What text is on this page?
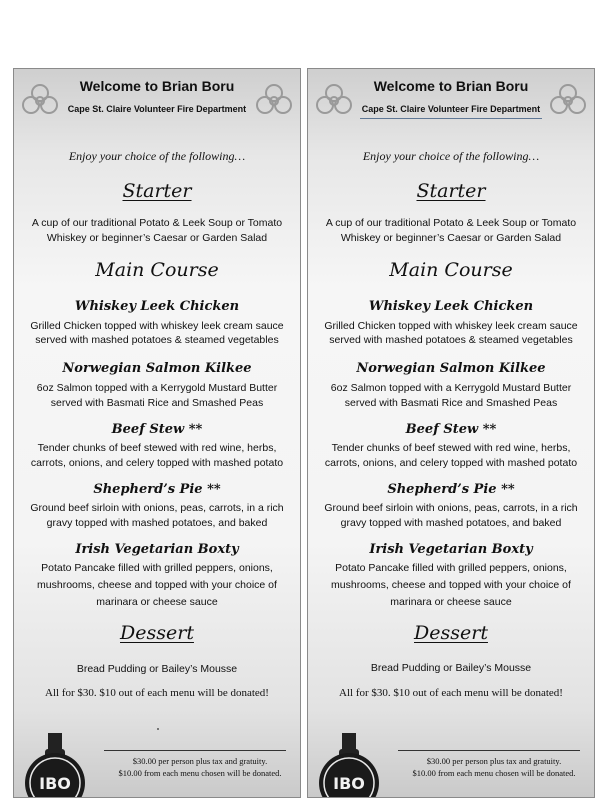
Welcome to Brian Boru
Cape St. Claire Volunteer Fire Department
Enjoy your choice of the following…
Starter
A cup of our traditional Potato & Leek Soup or Tomato
Whiskey or beginner’s Caesar or Garden Salad
Main Course
Whiskey Leek Chicken
Grilled Chicken topped with whiskey leek cream sauce
served with mashed potatoes & steamed vegetables
Norwegian Salmon Kilkee
6oz Salmon topped with a Kerrygold Mustard Butter
served with Basmati Rice and Smashed Peas
Beef Stew **
Tender chunks of beef stewed with red wine, herbs,
carrots, onions, and celery topped with mashed potato
Shepherd’s Pie **
Ground beef sirloin with onions, peas, carrots, in a rich
gravy topped with mashed potatoes, and baked
Irish Vegetarian Boxty
Potato Pancake filled with grilled peppers, onions,
mushrooms, cheese and topped with your choice of
marinara or cheese sauce
Dessert
Bread Pudding or Bailey’s Mousse
All for $30. $10 out of each menu will be donated!
$30.00 per person plus tax and gratuity.
$10.00 from each menu chosen will be donated.
IBO
Welcome to Brian Boru
Cape St. Claire Volunteer Fire Department
Enjoy your choice of the following…
Starter
A cup of our traditional Potato & Leek Soup or Tomato
Whiskey or beginner’s Caesar or Garden Salad
Main Course
Whiskey Leek Chicken
Grilled Chicken topped with whiskey leek cream sauce
served with mashed potatoes & steamed vegetables
Norwegian Salmon Kilkee
6oz Salmon topped with a Kerrygold Mustard Butter
served with Basmati Rice and Smashed Peas
Beef Stew **
Tender chunks of beef stewed with red wine, herbs,
carrots, onions, and celery topped with mashed potato
Shepherd’s Pie **
Ground beef sirloin with onions, peas, carrots, in a rich
gravy topped with mashed potatoes, and baked
Irish Vegetarian Boxty
Potato Pancake filled with grilled peppers, onions,
mushrooms, cheese and topped with your choice of
marinara or cheese sauce
Dessert
Bread Pudding or Bailey’s Mousse
All for $30. $10 out of each menu will be donated!
$30.00 per person plus tax and gratuity.
$10.00 from each menu chosen will be donated.
IBO
